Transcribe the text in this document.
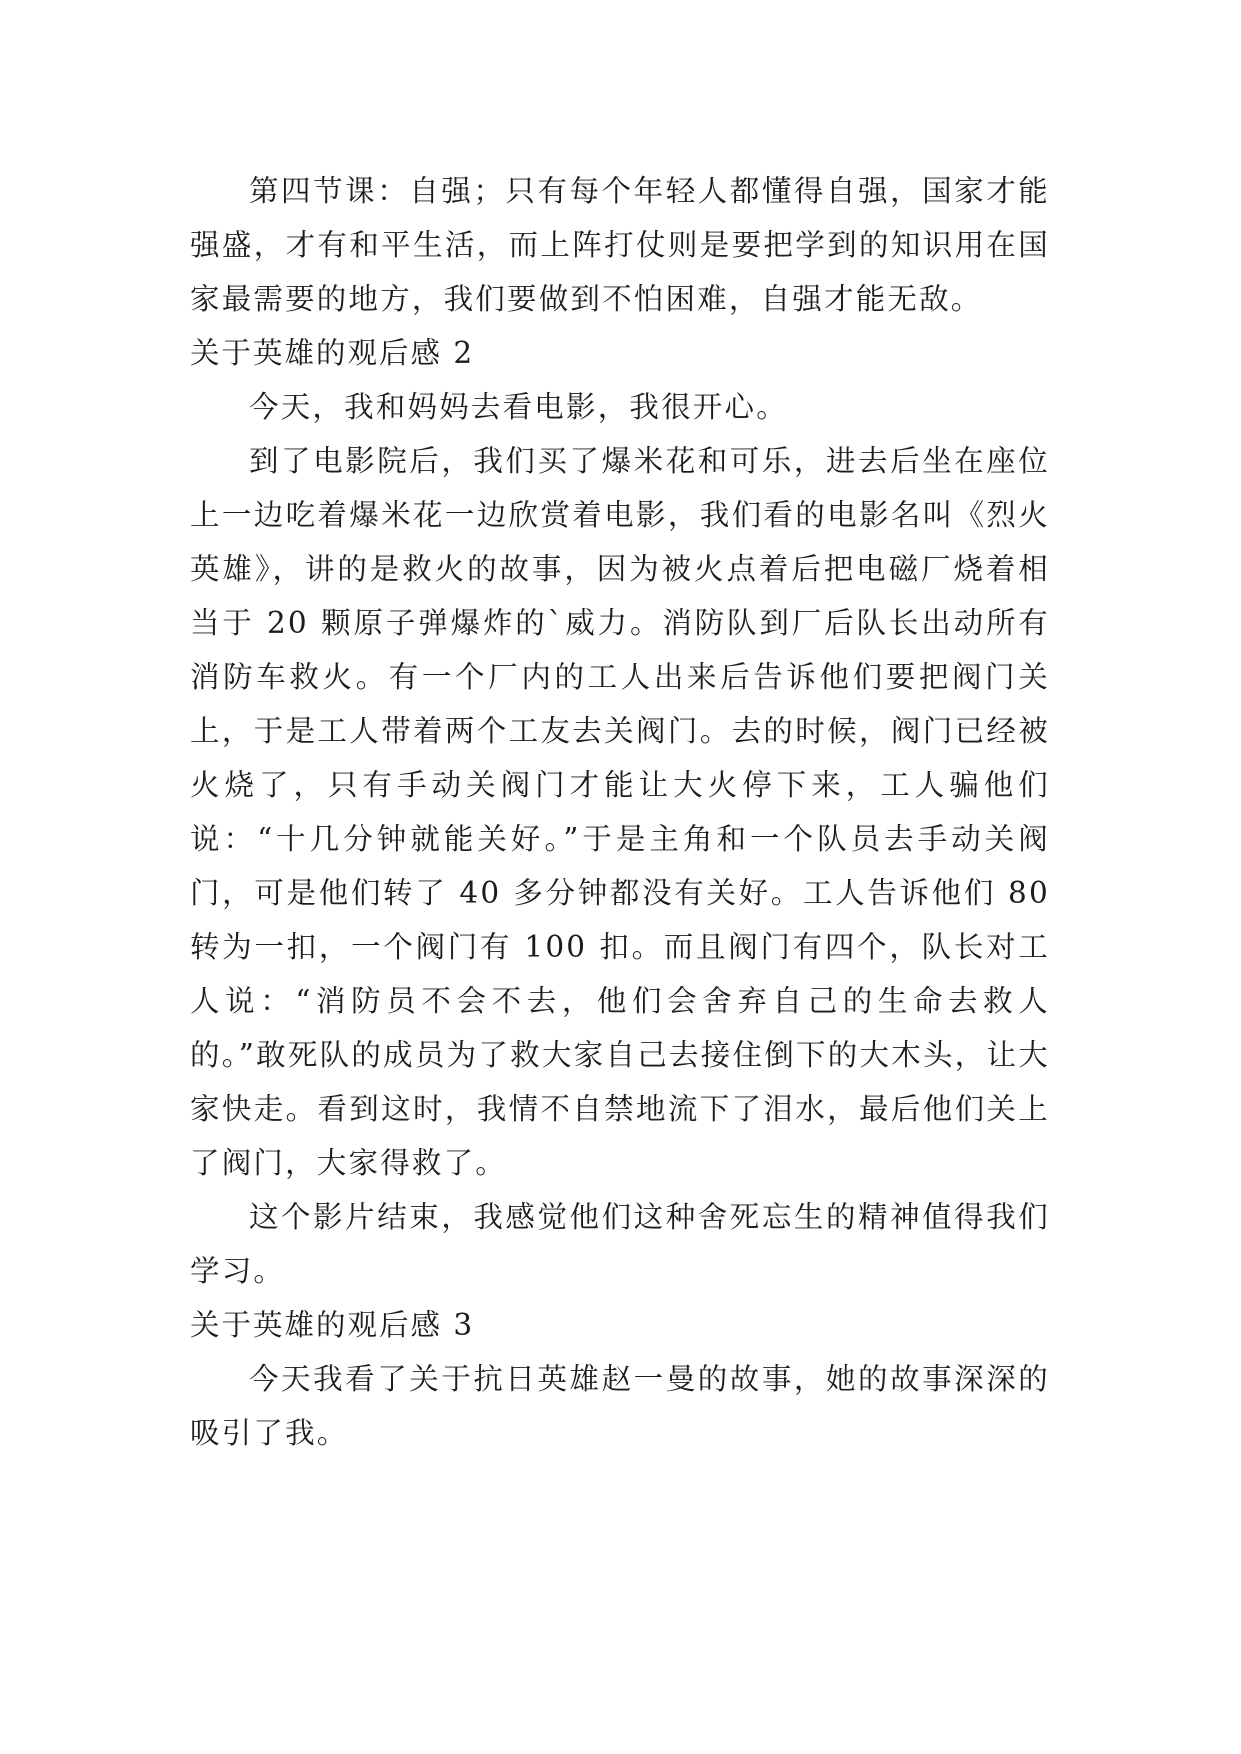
第四节课：自强；只有每个年轻人都懂得自强，国家才能强盛，才有和平生活，而上阵打仗则是要把学到的知识用在国家最需要的地方，我们要做到不怕困难，自强才能无敌。

关于英雄的观后感 2

今天，我和妈妈去看电影，我很开心。

到了电影院后，我们买了爆米花和可乐，进去后坐在座位上一边吃着爆米花一边欣赏着电影，我们看的电影名叫《烈火英雄》，讲的是救火的故事，因为被火点着后把电磁厂烧着相当于 20 颗原子弹爆炸的`威力。消防队到厂后队长出动所有消防车救火。有一个厂内的工人出来后告诉他们要把阀门关上，于是工人带着两个工友去关阀门。去的时候，阀门已经被火烧了，只有手动关阀门才能让大火停下来，工人骗他们说：“十几分钟就能关好。”于是主角和一个队员去手动关阀门，可是他们转了 40 多分钟都没有关好。工人告诉他们 80 转为一扣，一个阀门有 100 扣。而且阀门有四个，队长对工人说：“消防员不会不去，他们会舍弃自己的生命去救人的。”敢死队的成员为了救大家自己去接住倒下的大木头，让大家快走。看到这时，我情不自禁地流下了泪水，最后他们关上了阀门，大家得救了。

这个影片结束，我感觉他们这种舍死忘生的精神值得我们学习。

关于英雄的观后感 3

今天我看了关于抗日英雄赵一曼的故事，她的故事深深的吸引了我。
